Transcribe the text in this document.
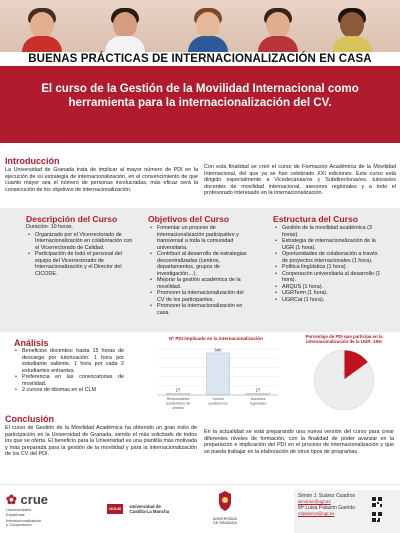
BUENAS PRÁCTICAS DE INTERNACIONALIZACIÓN EN CASA
El curso de la Gestión de la Movilidad Internacional como
herramienta para la internacionalización del CV.
Introducción
La Universidad de Granada trata de implicar al mayor número de PDI en la ejecución de su estrategia de internacionalización, en el convencimiento de que cuanto mayor sea el número de personas involucradas, más eficaz será la consecución de los objetivos de internacionalización.
Con esta finalidad se creó el curso de Formación Académica de la Movilidad Internacional, del que ya se han celebrado XXI ediciones. Este curso está dirigido especialmente a Vicedecanas/os y Subdirectoras/es, tutoras/es docentes de movilidad internacional, asesores regionales y a todo el profesorado interesado en la internacionalización.
Descripción del Curso
Duración: 10 horas.
• Organizado por el Vicerrectorado de Internacionalización en colaboración con el Vicerrectorado de Calidad.
• Participación de todo el personal del equipo del Vicerrectorado de Internacionalización y el Director del CICODE.
Objetivos del Curso
• Fomentar un proceso de internacionalización participativo y transversal a toda la comunidad universitaria.
• Contribuir al desarrollo de estrategias descentralizadas (centros, departamentos, grupos de investigación…).
• Mejorar la gestión académica de la movilidad.
• Promover la internacionalización del CV de los participantes.
• Promover la internacionalización en casa.
Estructura del Curso
• Gestión de la movilidad académica (3 horas).
• Estrategia de internacionalización de la UGR (1 hora).
• Oportunidades de colaboración a través de proyectos internacionales (1 hora).
• Política lingüística (1 hora).
• Cooperación universitaria al desarrollo (1 hora).
• ARQUS (1 hora).
• UGRTerm (1 hora).
• UGRCat (1 hora).
Análisis
• Beneficios docentes: hasta 15 horas de descarga por tutorización: 1 hora por estudiante saliente, 1 hora por cada 2 estudiantes entrantes.
• Preferencia en las convocatorias de movilidad.
• 2 cursos de idiomas en el CLM
Nº PDI implicado en la internacionalización
27
Responsables
académicos de
centros
640
Tutores
académicos
27
Asesores
regionales
Porcentaje de PDI que participa en la internacionalización de la UGR: 15%
Conclusión
El curso de Gestión de la Movilidad Académica ha obtenido un gran éxito de participación en la Universidad de Granada, siendo el más solicitado de todos los que se oferta. El beneficio para la Universidad es una plantilla más motivada y más preparada para la gestión de la movilidad y para la internacionalización de los CV del PDI.
En la actualidad se está preparando una nueva versión del curso para crear diferentes niveles de formación, con la finalidad de poder avanzar en la preparación e implicación del PDI en el proceso de internacionalización y que se pueda trabajar en la elaboración de otros tipos de programas.
✿ crue
Universidades
Españolas
Internacionalización
y Cooperación
UCLM Universidad de
Castilla-La Mancha
UNIVERSIDAD
DE GRANADA
Simón J. Suárez Cuadros
simonsc@ugr.es
Mª Luisa Palazón Garrido
mlpalazon@ugr.es
